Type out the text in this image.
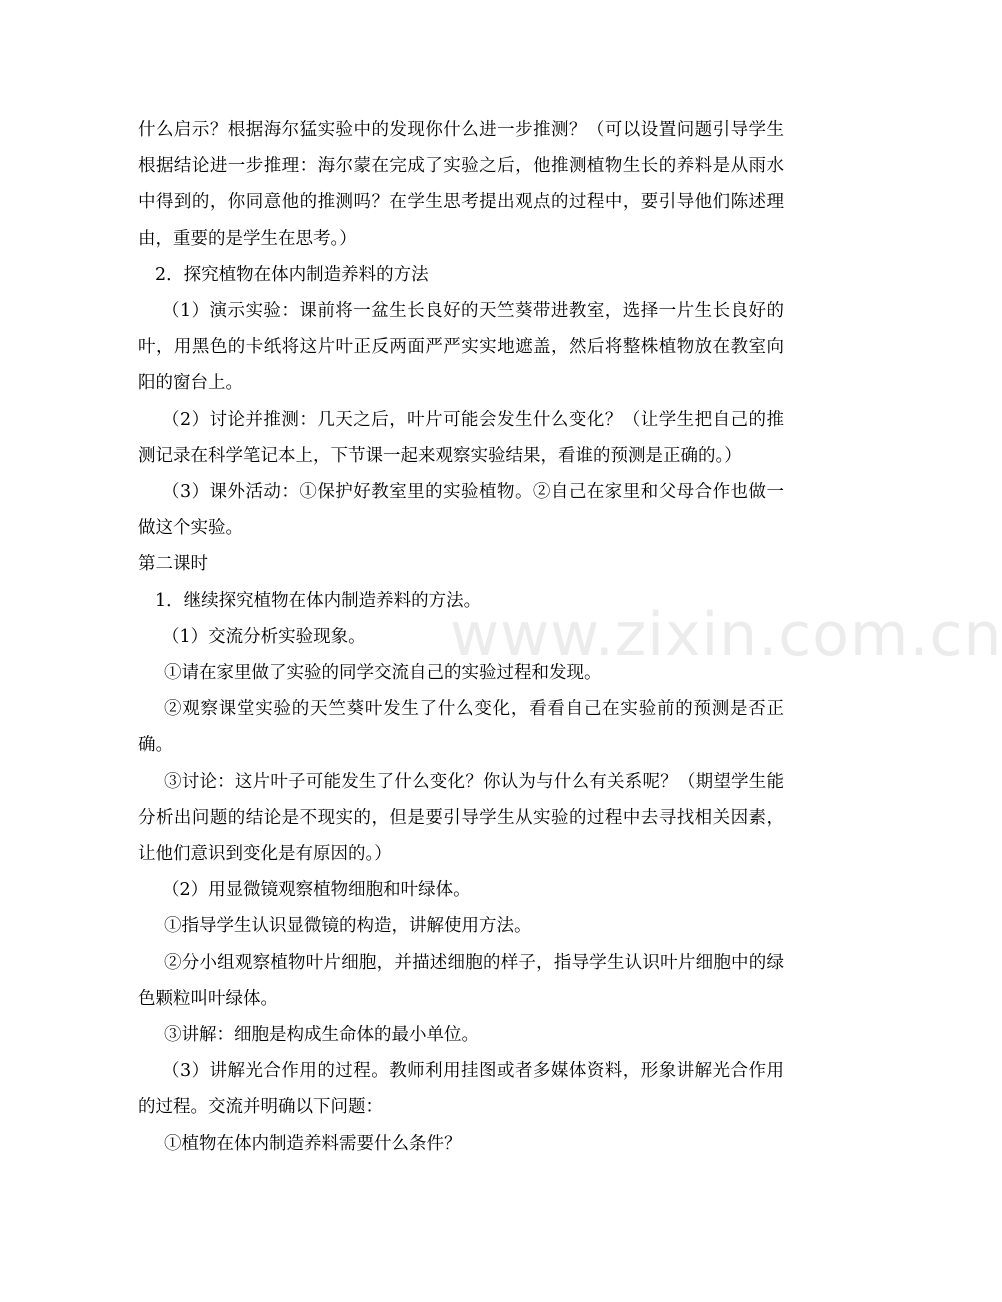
什么启示？根据海尔猛实验中的发现你什么进一步推测？（可以设置问题引导学生根据结论进一步推理：海尔蒙在完成了实验之后，他推测植物生长的养料是从雨水中得到的，你同意他的推测吗？在学生思考提出观点的过程中，要引导他们陈述理由，重要的是学生在思考。）

2．探究植物在体内制造养料的方法

（1）演示实验：课前将一盆生长良好的天竺葵带进教室，选择一片生长良好的叶，用黑色的卡纸将这片叶正反两面严严实实地遮盖，然后将整株植物放在教室向阳的窗台上。

（2）讨论并推测：几天之后，叶片可能会发生什么变化？（让学生把自己的推测记录在科学笔记本上，下节课一起来观察实验结果，看谁的预测是正确的。）

（3）课外活动：①保护好教室里的实验植物。②自己在家里和父母合作也做一做这个实验。

第二课时

1．继续探究植物在体内制造养料的方法。

（1）交流分析实验现象。

①请在家里做了实验的同学交流自己的实验过程和发现。

②观察课堂实验的天竺葵叶发生了什么变化，看看自己在实验前的预测是否正确。

③讨论：这片叶子可能发生了什么变化？你认为与什么有关系呢？（期望学生能分析出问题的结论是不现实的，但是要引导学生从实验的过程中去寻找相关因素，让他们意识到变化是有原因的。）

（2）用显微镜观察植物细胞和叶绿体。

①指导学生认识显微镜的构造，讲解使用方法。

②分小组观察植物叶片细胞，并描述细胞的样子，指导学生认识叶片细胞中的绿色颗粒叫叶绿体。

③讲解：细胞是构成生命体的最小单位。

（3）讲解光合作用的过程。教师利用挂图或者多媒体资料，形象讲解光合作用的过程。交流并明确以下问题：

①植物在体内制造养料需要什么条件？

www.zixin.com.cn
